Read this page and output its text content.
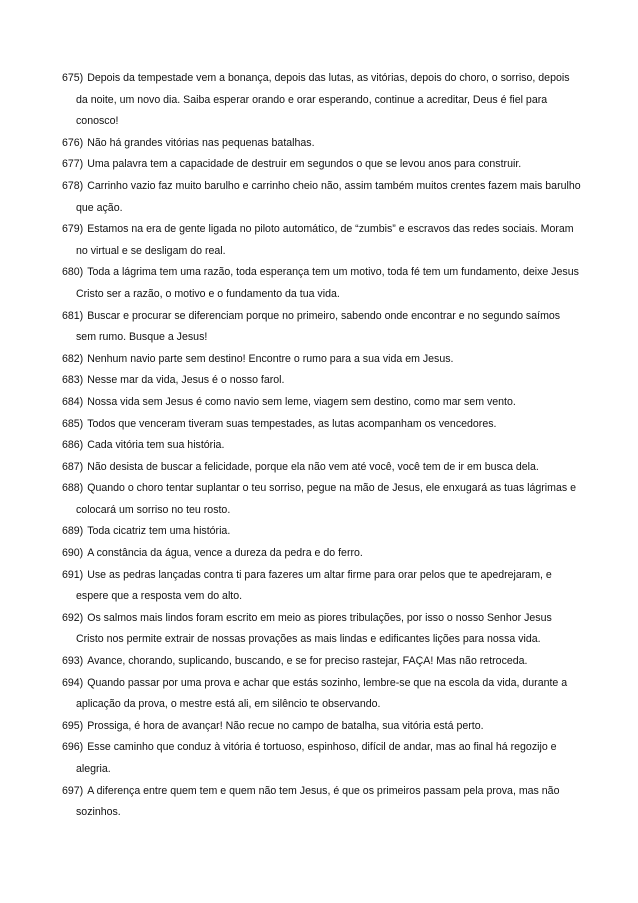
675) Depois da tempestade vem a bonança, depois das lutas, as vitórias, depois do choro, o sorriso, depois da noite, um novo dia. Saiba esperar orando e orar esperando, continue a acreditar, Deus é fiel para conosco!

676) Não há grandes vitórias nas pequenas batalhas.

677) Uma palavra tem a capacidade de destruir em segundos o que se levou anos para construir.

678) Carrinho vazio faz muito barulho e carrinho cheio não, assim também muitos crentes fazem mais barulho que ação.

679) Estamos na era de gente ligada no piloto automático, de “zumbis” e escravos das redes sociais. Moram no virtual e se desligam do real.

680) Toda a lágrima tem uma razão, toda esperança tem um motivo, toda fé tem um fundamento, deixe Jesus Cristo ser a razão, o motivo e o fundamento da tua vida.

681) Buscar e procurar se diferenciam porque no primeiro, sabendo onde encontrar e no segundo saímos sem rumo. Busque a Jesus!

682) Nenhum navio parte sem destino! Encontre o rumo para a sua vida em Jesus.

683) Nesse mar da vida, Jesus é o nosso farol.

684) Nossa vida sem Jesus é como navio sem leme, viagem sem destino, como mar sem vento.

685) Todos que venceram tiveram suas tempestades, as lutas acompanham os vencedores.

686) Cada vitória tem sua história.

687) Não desista de buscar a felicidade, porque ela não vem até você, você tem de ir em busca dela.

688) Quando o choro tentar suplantar o teu sorriso, pegue na mão de Jesus, ele enxugará as tuas lágrimas e colocará um sorriso no teu rosto.

689) Toda cicatriz tem uma história.

690) A constância da água, vence a dureza da pedra e do ferro.

691) Use as pedras lançadas contra ti para fazeres um altar firme para orar pelos que te apedrejaram, e espere que a resposta vem do alto.

692) Os salmos mais lindos foram escrito em meio as piores tribulações, por isso o nosso Senhor Jesus Cristo nos permite extrair de nossas provações as mais lindas e edificantes lições para nossa vida.

693) Avance, chorando, suplicando, buscando, e se for preciso rastejar, FAÇA! Mas não retroceda.

694) Quando passar por uma prova e achar que estás sozinho, lembre-se que na escola da vida, durante a aplicação da prova, o mestre está ali, em silêncio te observando.

695) Prossiga, é hora de avançar! Não recue no campo de batalha, sua vitória está perto.

696) Esse caminho que conduz à vitória é tortuoso, espinhoso, difícil de andar, mas ao final há regozijo e alegria.

697) A diferença entre quem tem e quem não tem Jesus, é que os primeiros passam pela prova, mas não sozinhos.
